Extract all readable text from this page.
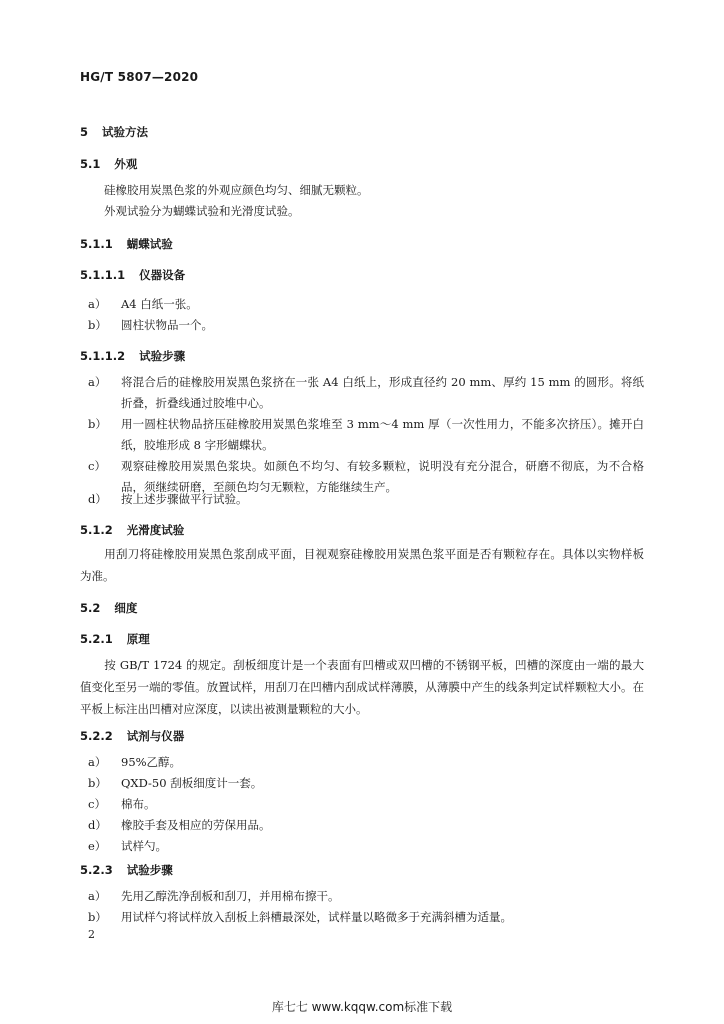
HG/T 5807—2020
5 试验方法
5.1 外观
硅橡胶用炭黑色浆的外观应颜色均匀、细腻无颗粒。
外观试验分为蝴蝶试验和光滑度试验。
5.1.1 蝴蝶试验
5.1.1.1 仪器设备
a）	A4 白纸一张。
b）	圆柱状物品一个。
5.1.1.2 试验步骤
a）	将混合后的硅橡胶用炭黑色浆挤在一张 A4 白纸上，形成直径约 20 mm、厚约 15 mm 的圆形。将纸折叠，折叠线通过胶堆中心。
b）	用一圆柱状物品挤压硅橡胶用炭黑色浆堆至 3 mm～4 mm 厚（一次性用力，不能多次挤压）。摊开白纸，胶堆形成 8 字形蝴蝶状。
c）	观察硅橡胶用炭黑色浆块。如颜色不均匀、有较多颗粒，说明没有充分混合，研磨不彻底，为不合格品，须继续研磨，至颜色均匀无颗粒，方能继续生产。
d）	按上述步骤做平行试验。
5.1.2 光滑度试验
用刮刀将硅橡胶用炭黑色浆刮成平面，目视观察硅橡胶用炭黑色浆平面是否有颗粒存在。具体以实物样板为准。
5.2 细度
5.2.1 原理
按 GB/T 1724 的规定。刮板细度计是一个表面有凹槽或双凹槽的不锈钢平板，凹槽的深度由一端的最大值变化至另一端的零值。放置试样，用刮刀在凹槽内刮成试样薄膜，从薄膜中产生的线条判定试样颗粒大小。在平板上标注出凹槽对应深度，以读出被测量颗粒的大小。
5.2.2 试剂与仪器
a）	95%乙醇。
b）	QXD-50 刮板细度计一套。
c）	棉布。
d）	橡胶手套及相应的劳保用品。
e）	试样勺。
5.2.3 试验步骤
a）	先用乙醇洗净刮板和刮刀，并用棉布擦干。
b）	用试样勺将试样放入刮板上斜槽最深处，试样量以略微多于充满斜槽为适量。
2
库七七 www.kqqw.com标准下载
